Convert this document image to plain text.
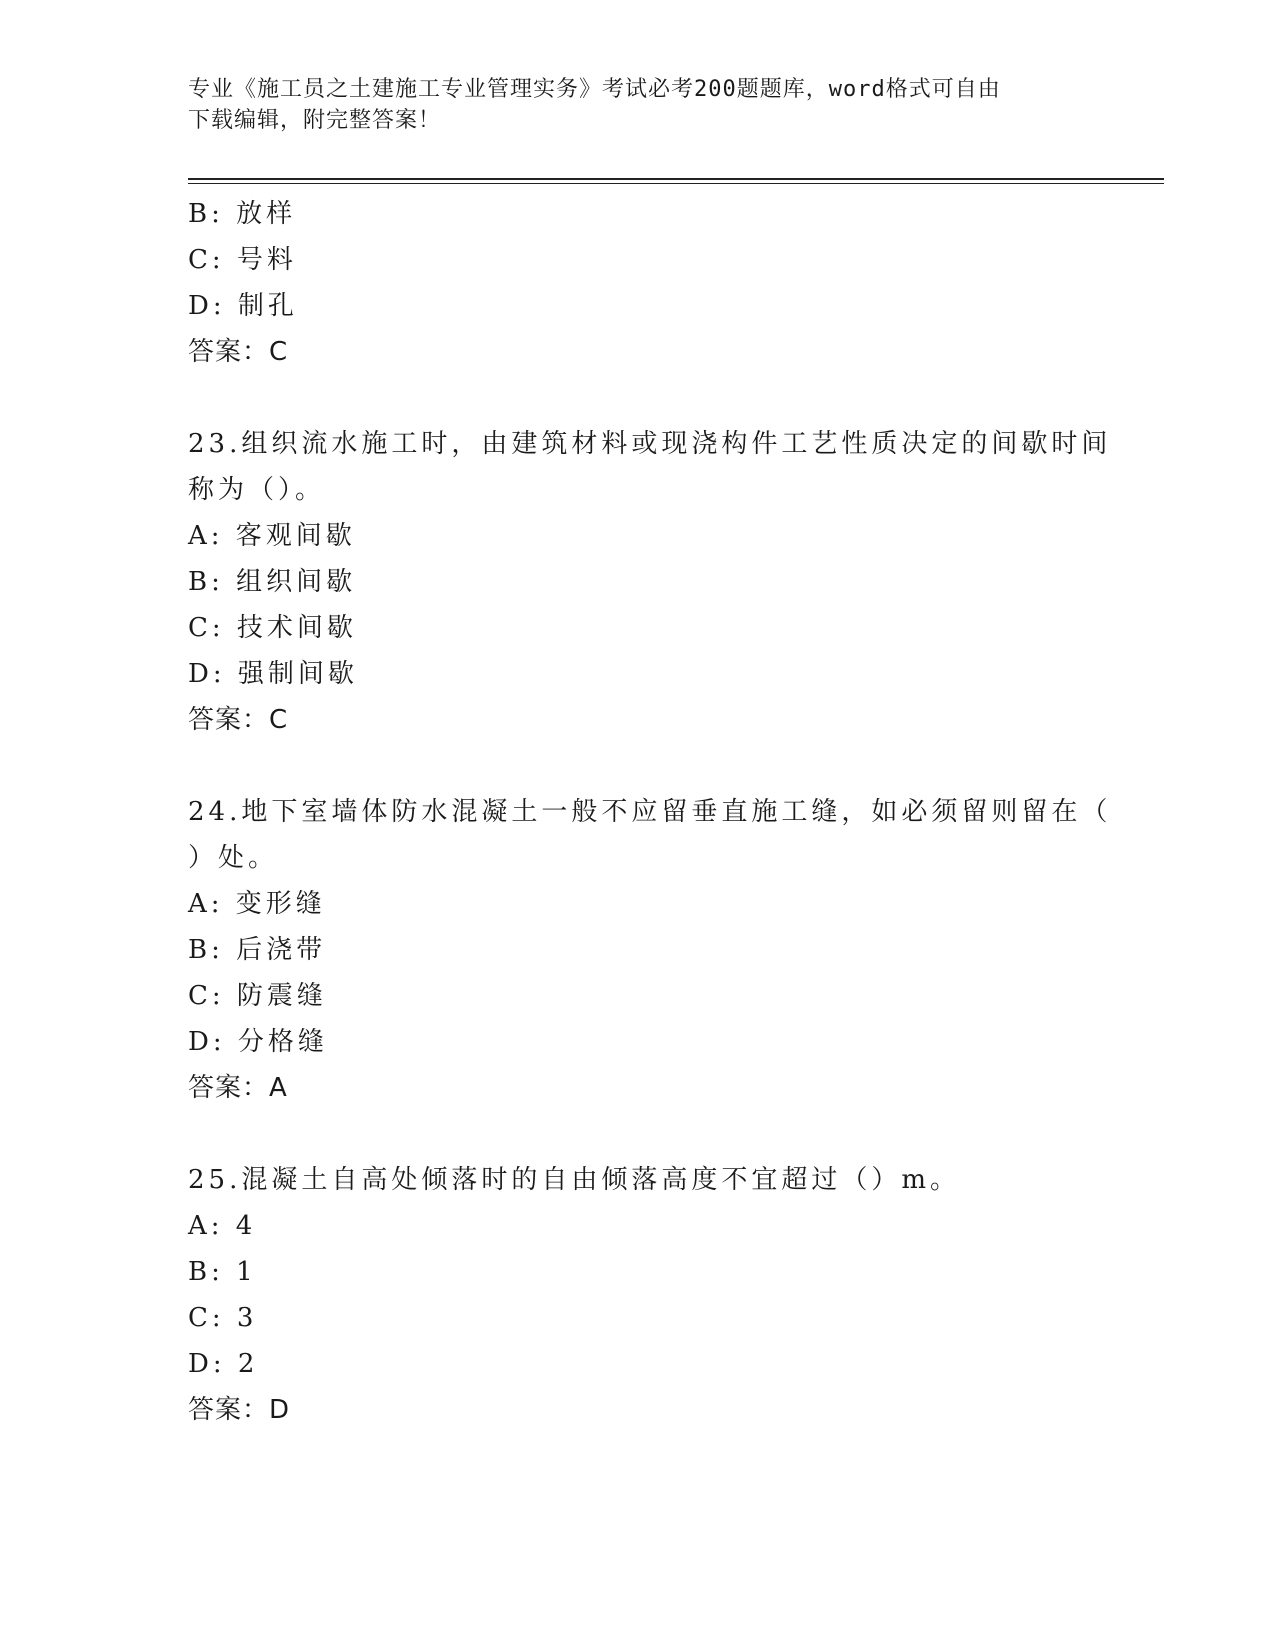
专业《施工员之土建施工专业管理实务》考试必考200题题库，word格式可自由
下载编辑，附完整答案！
B: 放样
C: 号料
D: 制孔
答案：C
23.组织流水施工时，由建筑材料或现浇构件工艺性质决定的间歇时间
称为（）。
A: 客观间歇
B: 组织间歇
C: 技术间歇
D: 强制间歇
答案：C
24.地下室墙体防水混凝土一般不应留垂直施工缝，如必须留则留在（
）处。
A: 变形缝
B: 后浇带
C: 防震缝
D: 分格缝
答案：A
25.混凝土自高处倾落时的自由倾落高度不宜超过（）m。
A: 4
B: 1
C: 3
D: 2
答案：D
